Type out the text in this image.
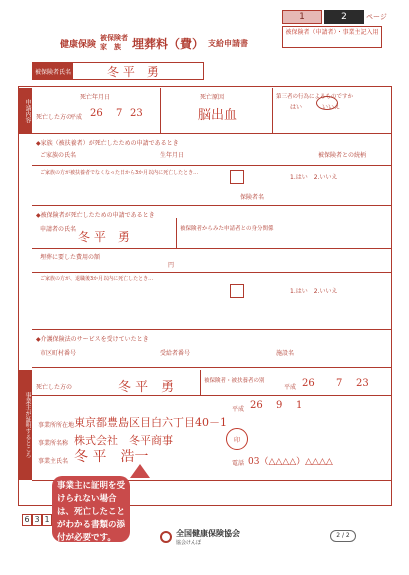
健康保険
被保険者
家　族 埋葬料（費） 支給申請書
1	2	ページ
被保険者（申請者）・事業主記入用
被保険者氏名	冬 平　勇
申請内容
死亡年月日
死亡した方の
平成 26 7 23
死亡原因
脳出血
第三者の行為によるものですか
はい	いいえ
◆家族（被扶養者）が死亡したための申請であるとき
ご家族の氏名	生年月日	被保険者との続柄
ご家族の方が被扶養者でなくなった日から3か月以内に死亡したとき…
1.はい　2.いいえ
保険者名
◆被保険者が死亡したための申請であるとき
申請者の氏名
冬 平　勇
被保険者からみた申請者との身分関係
埋葬に要した費用の額
円
ご家族の方が、退職後3か月以内に死亡したとき…
1.はい　2.いいえ
◆介護保険法のサービスを受けていたとき
市区町村番号	受給者番号	施設名
事業主が証明するところ
死亡した方の	冬 平　勇	被保険者・被扶養者の別
平成 26 7 23
平成 26 9 1
事業所所在地 東京都豊島区目白六丁目40－1
事業所名称 株式会社　冬平商事
事業主氏名 冬 平　浩一
印
電話 03（△△△△）△△△△
事業主に証明を受けられない場合は、死亡したことがわかる書類の添付が必要です。
6 3 1
全国健康保険協会
協会けんぽ
2 / 2
